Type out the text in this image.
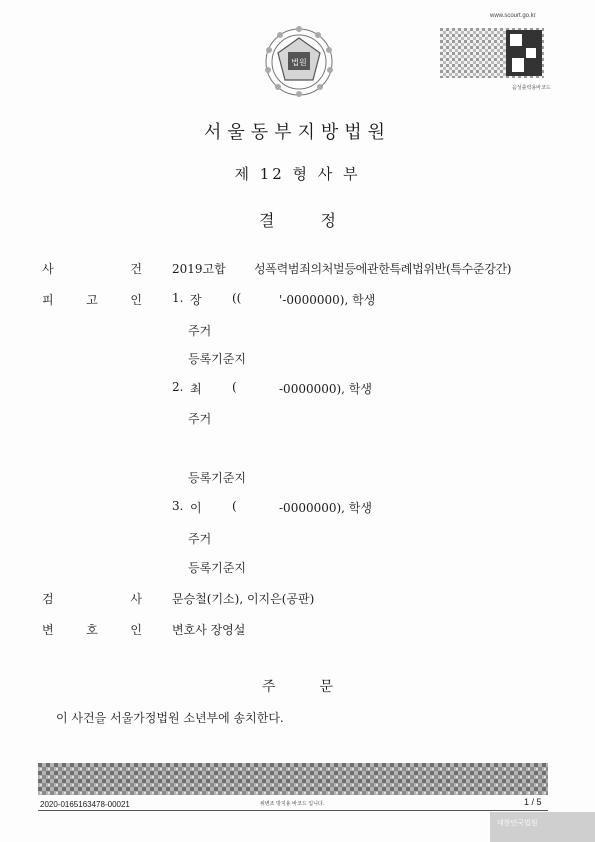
www.scourt.go.kr
법원
음성출력용바코드
서울동부지방법원
제 12 형 사 부
결정
사	건	2019고합 성폭력범죄의처벌등에관한특례법위반(특수준강간)
피	고	인	1. 장	((	'-0000000), 학생
주거
등록기준지
2. 최	(	-0000000), 학생
주거
등록기준지
3. 이	(	-0000000), 학생
주거
등록기준지
검	사	문승철(기소), 이지은(공판)
변	호	인	변호사 장영설
주문
이 사건을 서울가정법원 소년부에 송치한다.
2020-0165163478-00021	위변조 방지용 바코드 입니다.	1 / 5
대한민국법원
